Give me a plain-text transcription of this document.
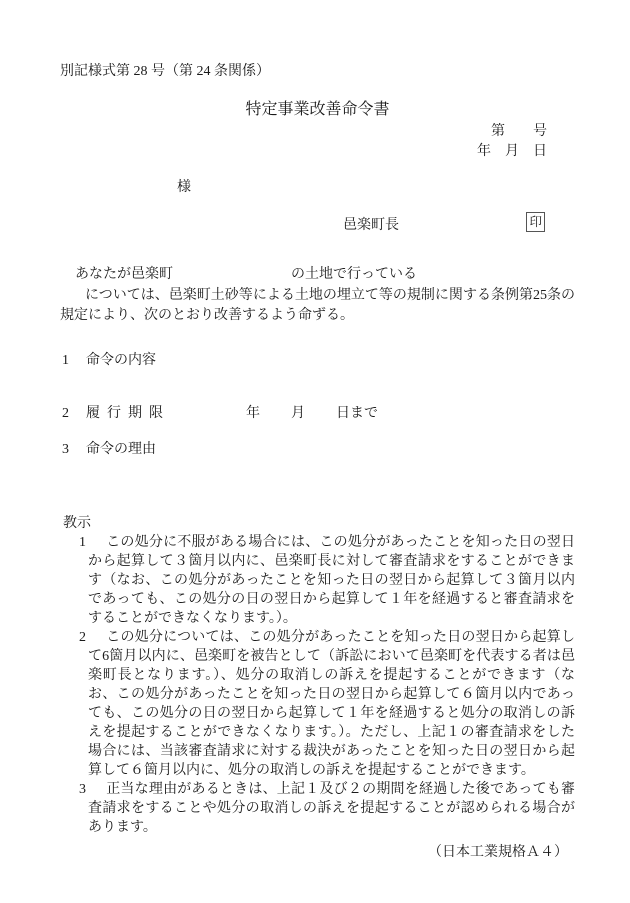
別記様式第 28 号（第 24 条関係）
特定事業改善命令書
第　　号
年　月　日
様
邑楽町長	印
あなたが邑楽町	の土地で行っている

については、邑楽町土砂等による土地の埋立て等の規制に関する条例第25条の規定により、次のとおり改善するよう命ずる。

1 命令の内容
2 履行期限	年 月 日まで
3 命令の理由
教示

1 この処分に不服がある場合には、この処分があったことを知った日の翌日から起算して３箇月以内に、邑楽町長に対して審査請求をすることができます（なお、この処分があったことを知った日の翌日から起算して３箇月以内であっても、この処分の日の翌日から起算して１年を経過すると審査請求をすることができなくなります。）。

2 この処分については、この処分があったことを知った日の翌日から起算して6箇月以内に、邑楽町を被告として（訴訟において邑楽町を代表する者は邑楽町長となります。）、処分の取消しの訴えを提起することができます（なお、この処分があったことを知った日の翌日から起算して６箇月以内であっても、この処分の日の翌日から起算して１年を経過すると処分の取消しの訴えを提起することができなくなります。）。ただし、上記１の審査請求をした場合には、当該審査請求に対する裁決があったことを知った日の翌日から起算して６箇月以内に、処分の取消しの訴えを提起することができます。

3 正当な理由があるときは、上記１及び２の期間を経過した後であっても審査請求をすることや処分の取消しの訴えを提起することが認められる場合があります。

（日本工業規格Ａ４）
